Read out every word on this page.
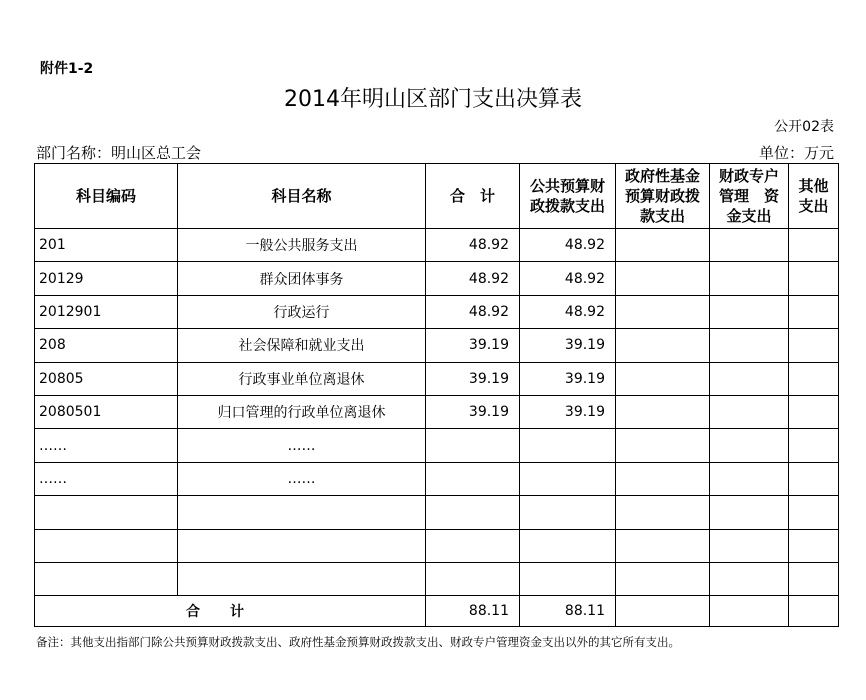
附件1-2
2014年明山区部门支出决算表
公开02表
部门名称：明山区总工会	单位：万元
科目编码	科目名称	合　计	公共预算财政拨款支出	政府性基金预算财政拨款支出	财政专户管理　资金支出	其他支出
201	一般公共服务支出	48.92	48.92			
20129	群众团体事务	48.92	48.92			
2012901	行政运行	48.92	48.92			
208	社会保障和就业支出	39.19	39.19			
20805	行政事业单位离退休	39.19	39.19			
2080501	归口管理的行政单位离退休	39.19	39.19			
……	……					
……	……					

合计		88.11	88.11			
备注：其他支出指部门除公共预算财政拨款支出、政府性基金预算财政拨款支出、财政专户管理资金支出以外的其它所有支出。
